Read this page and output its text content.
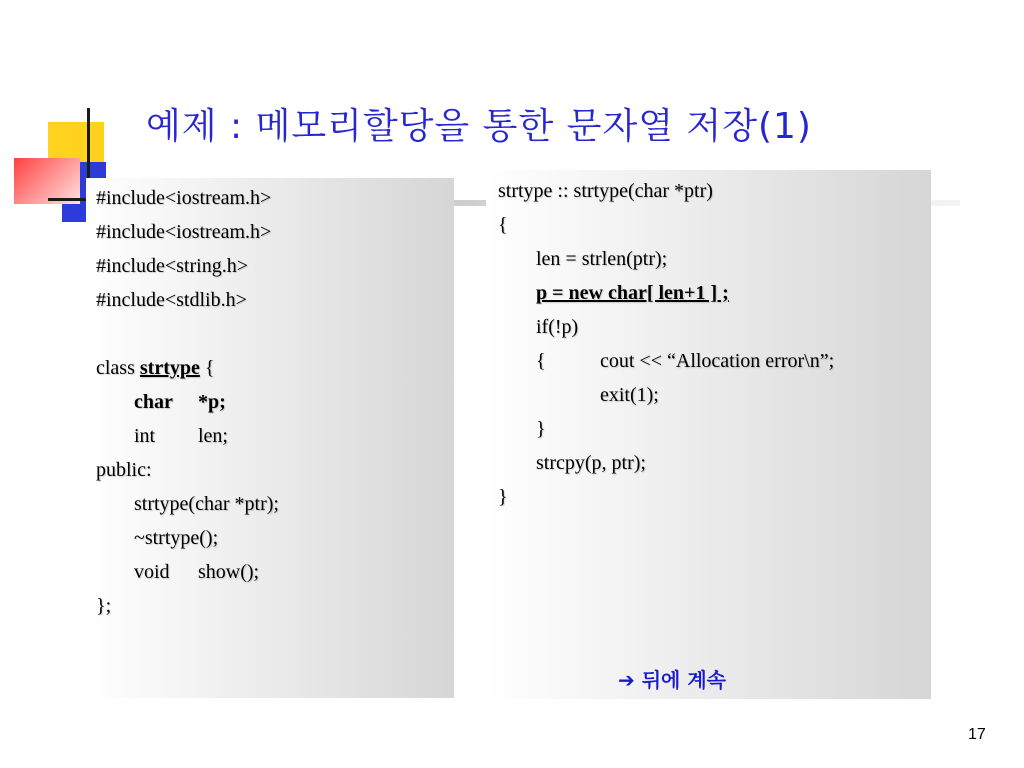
예제 : 메모리할당을 통한 문자열 저장(1)
#include<iostream.h>
#include<iostream.h>
#include<string.h>
#include<stdlib.h>
class strtype {
char *p;
int len;
public:
strtype(char *ptr);
~strtype();
void show();
};
strtype :: strtype(char *ptr)
{
len = strlen(ptr);
p = new char[ len+1 ] ;
if(!p)
{	cout << “Allocation error\n”;
exit(1);
}
strcpy(p, ptr);
}
➔ 뒤에 계속
17
